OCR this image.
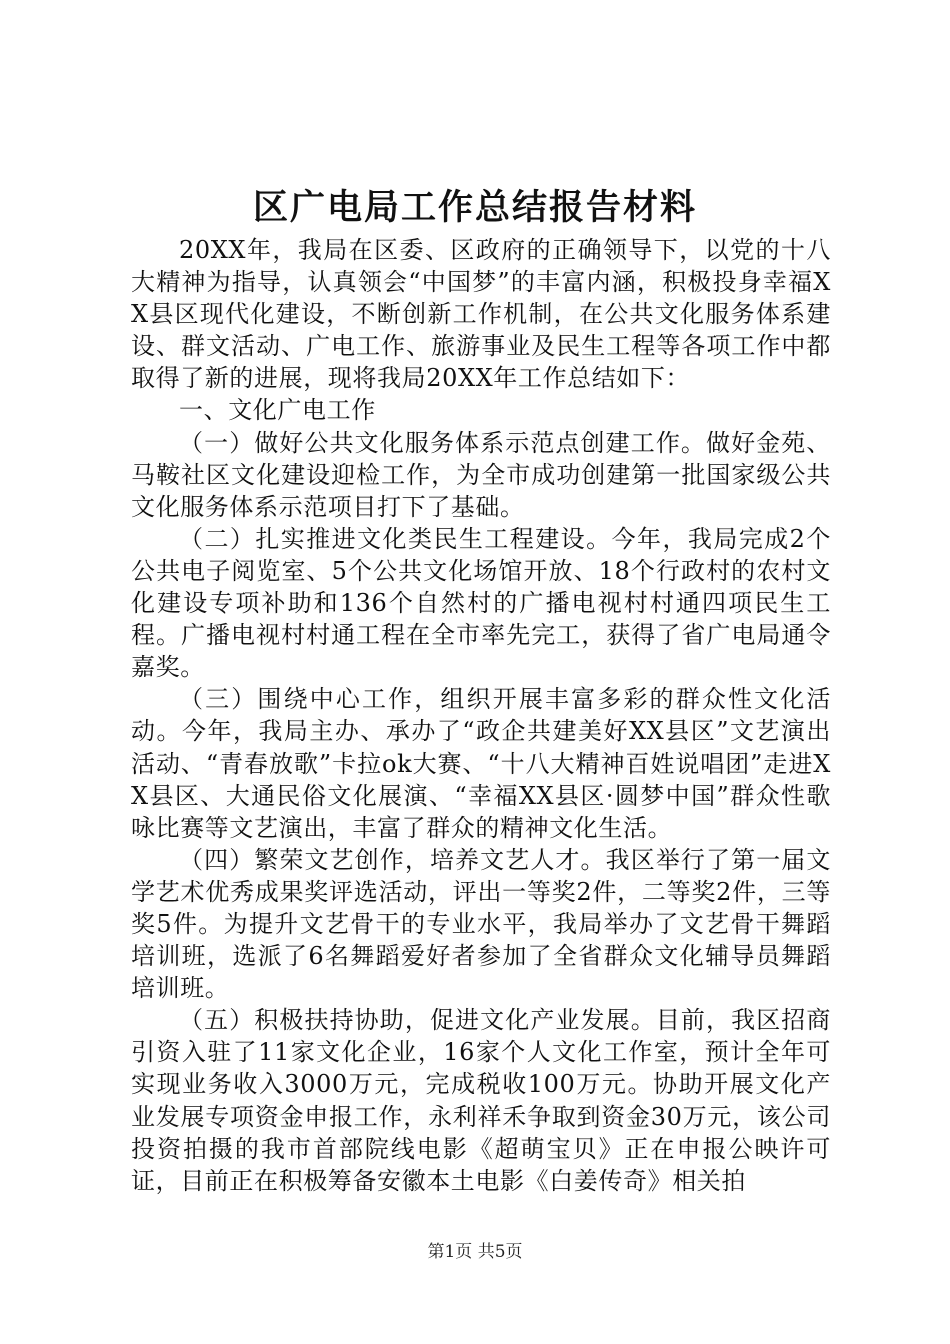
区广电局工作总结报告材料

20XX年，我局在区委、区政府的正确领导下，以党的十八大精神为指导，认真领会“中国梦”的丰富内涵，积极投身幸福XX县区现代化建设，不断创新工作机制，在公共文化服务体系建设、群文活动、广电工作、旅游事业及民生工程等各项工作中都取得了新的进展，现将我局20XX年工作总结如下：

一、文化广电工作

（一）做好公共文化服务体系示范点创建工作。做好金苑、马鞍社区文化建设迎检工作，为全市成功创建第一批国家级公共文化服务体系示范项目打下了基础。

（二）扎实推进文化类民生工程建设。今年，我局完成2个公共电子阅览室、5个公共文化场馆开放、18个行政村的农村文化建设专项补助和136个自然村的广播电视村村通四项民生工程。广播电视村村通工程在全市率先完工，获得了省广电局通令嘉奖。

（三）围绕中心工作，组织开展丰富多彩的群众性文化活动。今年，我局主办、承办了“政企共建美好XX县区”文艺演出活动、“青春放歌”卡拉ok大赛、“十八大精神百姓说唱团”走进XX县区、大通民俗文化展演、“幸福XX县区·圆梦中国”群众性歌咏比赛等文艺演出，丰富了群众的精神文化生活。

（四）繁荣文艺创作，培养文艺人才。我区举行了第一届文学艺术优秀成果奖评选活动，评出一等奖2件，二等奖2件，三等奖5件。为提升文艺骨干的专业水平，我局举办了文艺骨干舞蹈培训班，选派了6名舞蹈爱好者参加了全省群众文化辅导员舞蹈培训班。

（五）积极扶持协助，促进文化产业发展。目前，我区招商引资入驻了11家文化企业，16家个人文化工作室，预计全年可实现业务收入3000万元，完成税收100万元。协助开展文化产业发展专项资金申报工作，永利祥禾争取到资金30万元，该公司投资拍摄的我市首部院线电影《超萌宝贝》正在申报公映许可证，目前正在积极筹备安徽本土电影《白姜传奇》相关拍

第1页 共5页
